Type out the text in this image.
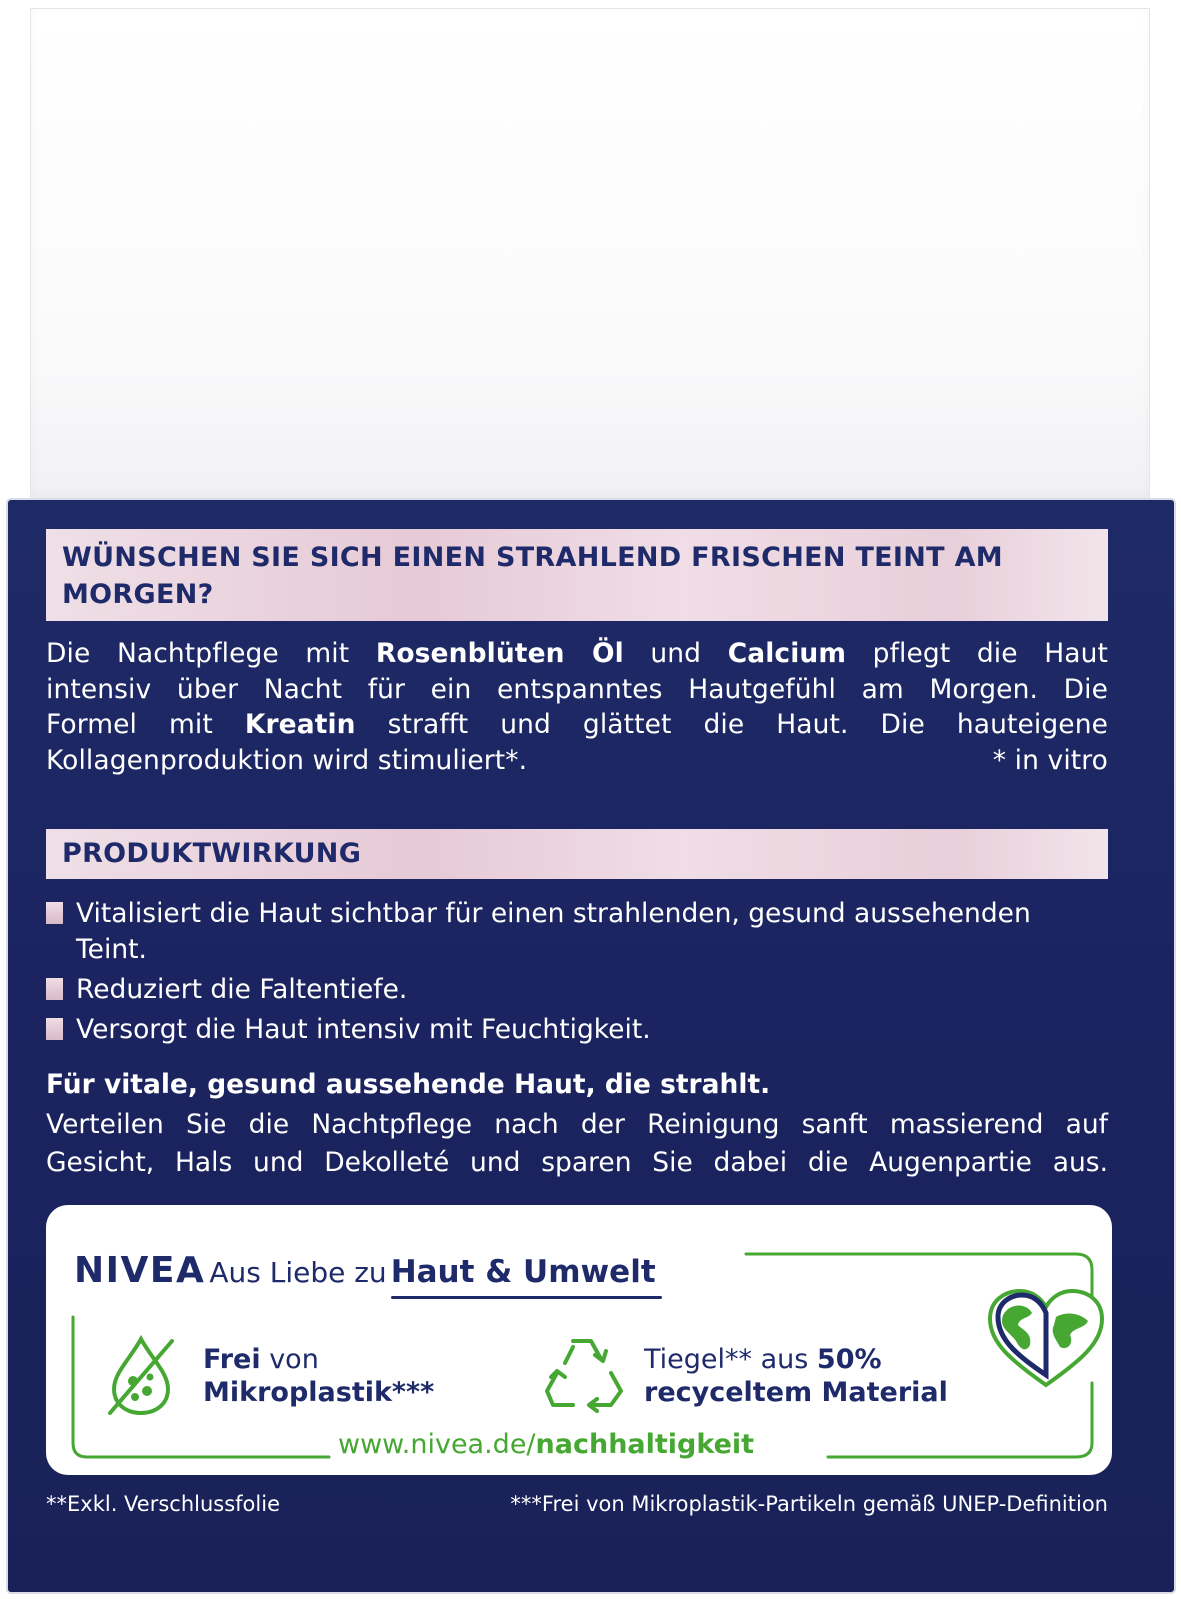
WÜNSCHEN SIE SICH EINEN STRAHLEND FRISCHEN TEINT AM MORGEN?
Die Nachtpflege mit Rosenblüten Öl und Calcium pflegt die Haut
intensiv über Nacht für ein entspanntes Hautgefühl am Morgen. Die
Formel mit Kreatin strafft und glättet die Haut. Die hauteigene
Kollagenproduktion wird stimuliert*.	* in vitro
PRODUKTWIRKUNG
Vitalisiert die Haut sichtbar für einen strahlenden, gesund aussehenden Teint.
Reduziert die Faltentiefe.
Versorgt die Haut intensiv mit Feuchtigkeit.
Für vitale, gesund aussehende Haut, die strahlt.
Verteilen Sie die Nachtpflege nach der Reinigung sanft massierend auf
Gesicht, Hals und Dekolleté und sparen Sie dabei die Augenpartie aus.
NIVEA Aus Liebe zu Haut & Umwelt
Frei von
Mikroplastik***
Tiegel** aus 50%
recyceltem Material
www.nivea.de/nachhaltigkeit
**Exkl. Verschlussfolie	***Frei von Mikroplastik-Partikeln gemäß UNEP-Definition
